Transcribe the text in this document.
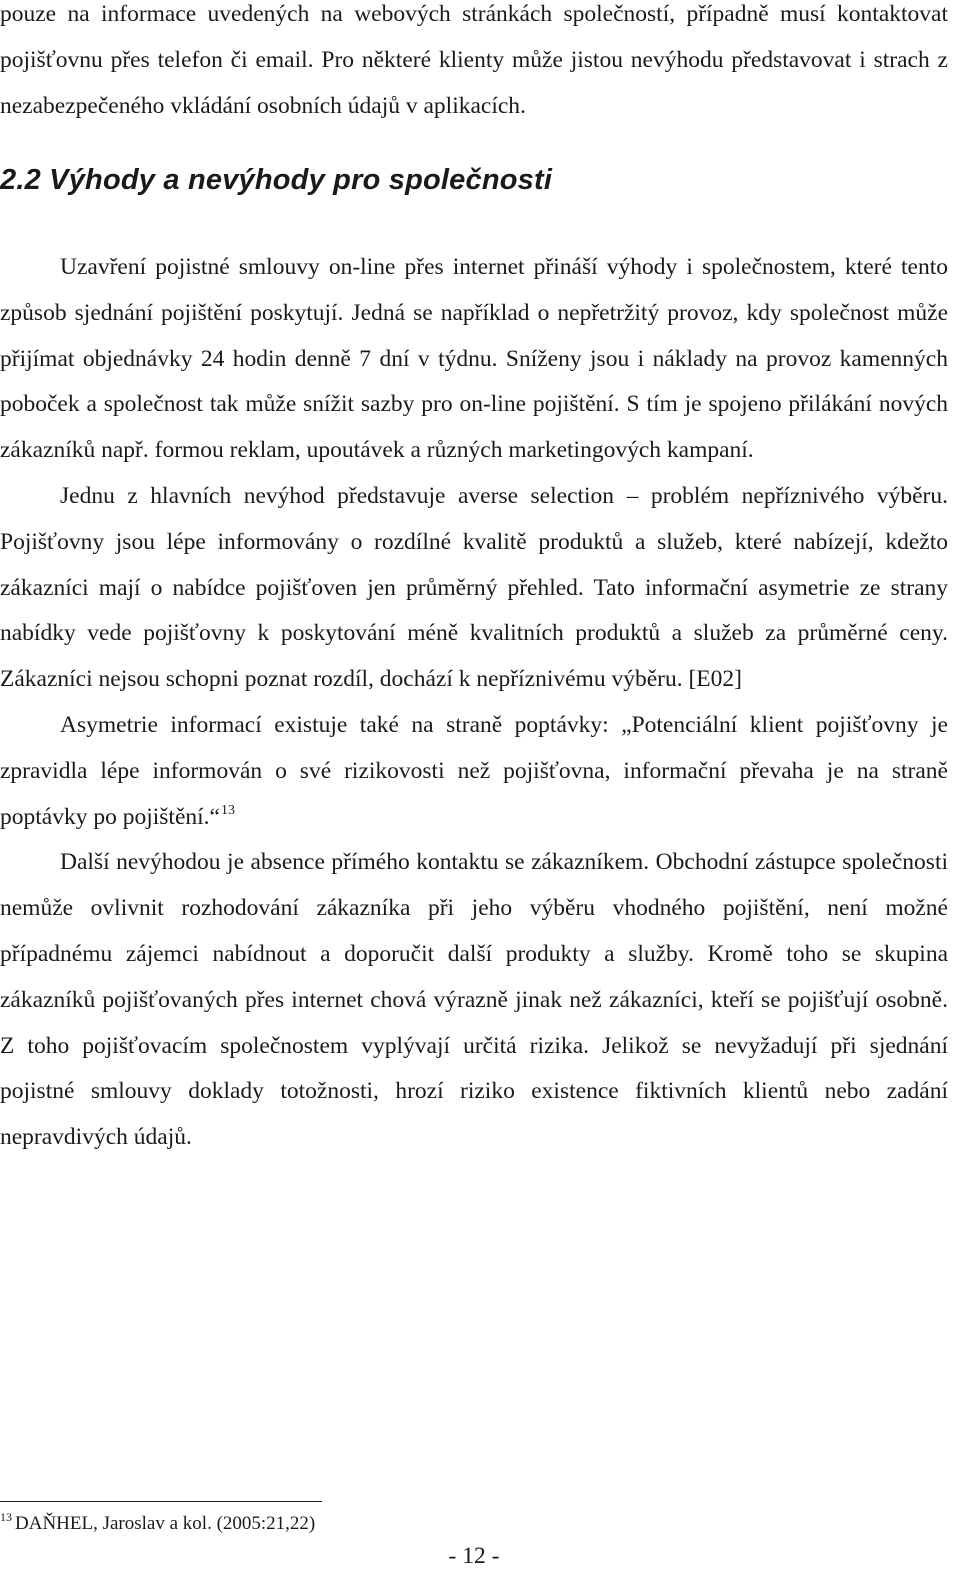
pouze na informace uvedených na webových stránkách společností, případně musí kontaktovat pojišťovnu přes telefon či email. Pro některé klienty může jistou nevýhodu představovat i strach z nezabezpečeného vkládání osobních údajů v aplikacích.

2.2 Výhody a nevýhody pro společnosti

Uzavření pojistné smlouvy on-line přes internet přináší výhody i společnostem, které tento způsob sjednání pojištění poskytují. Jedná se například o nepřetržitý provoz, kdy společnost může přijímat objednávky 24 hodin denně 7 dní v týdnu. Sníženy jsou i náklady na provoz kamenných poboček a společnost tak může snížit sazby pro on-line pojištění. S tím je spojeno přilákání nových zákazníků např. formou reklam, upoutávek a různých marketingových kampaní.

Jednu z hlavních nevýhod představuje averse selection – problém nepříznivého výběru. Pojišťovny jsou lépe informovány o rozdílné kvalitě produktů a služeb, které nabízejí, kdežto zákazníci mají o nabídce pojišťoven jen průměrný přehled. Tato informační asymetrie ze strany nabídky vede pojišťovny k poskytování méně kvalitních produktů a služeb za průměrné ceny. Zákazníci nejsou schopni poznat rozdíl, dochází k nepříznivému výběru. [E02]

Asymetrie informací existuje také na straně poptávky: „Potenciální klient pojišťovny je zpravidla lépe informován o své rizikovosti než pojišťovna, informační převaha je na straně poptávky po pojištění.“$^{13}$

Další nevýhodou je absence přímého kontaktu se zákazníkem. Obchodní zástupce společnosti nemůže ovlivnit rozhodování zákazníka při jeho výběru vhodného pojištění, není možné případnému zájemci nabídnout a doporučit další produkty a služby. Kromě toho se skupina zákazníků pojišťovaných přes internet chová výrazně jinak než zákazníci, kteří se pojišťují osobně. Z toho pojišťovacím společnostem vyplývají určitá rizika. Jelikož se nevyžadují při sjednání pojistné smlouvy doklady totožnosti, hrozí riziko existence fiktivních klientů nebo zadání nepravdivých údajů.

$^{13}$ DAŇHEL, Jaroslav a kol. (2005:21,22)

- 12 -
